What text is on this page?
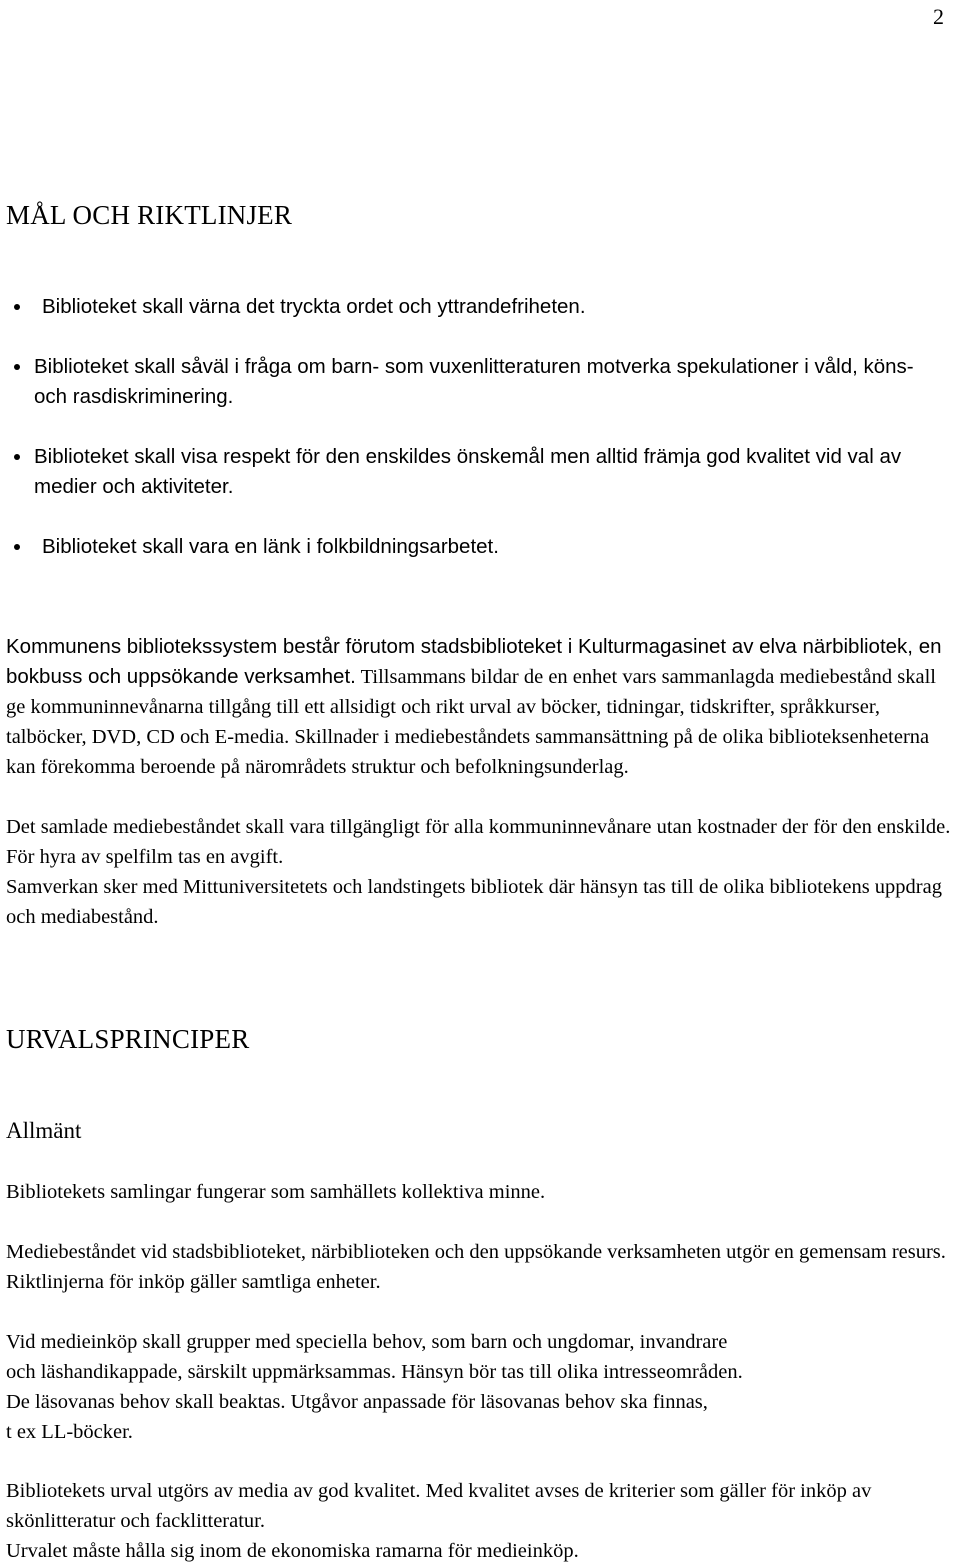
2
MÅL OCH RIKTLINJER
Biblioteket skall värna det tryckta ordet och yttrandefriheten.
Biblioteket skall såväl i fråga om barn- som vuxenlitteraturen motverka spekulationer i våld, köns- och rasdiskriminering.
Biblioteket skall visa respekt för den enskildes önskemål men alltid främja god kvalitet vid val av medier och aktiviteter.
Biblioteket skall vara en länk i folkbildningsarbetet.

Kommunens bibliotekssystem består förutom stadsbiblioteket i Kulturmagasinet av elva närbibliotek, en bokbuss och uppsökande verksamhet. Tillsammans bildar de en enhet vars sammanlagda mediebestånd skall ge kommuninnevånarna tillgång till ett allsidigt och rikt urval av böcker, tidningar, tidskrifter, språkkurser, talböcker, DVD, CD och E-media. Skillnader i mediebeståndets sammansättning på de olika biblioteksenheterna kan förekomma beroende på närområdets struktur och befolkningsunderlag.

Det samlade mediebeståndet skall vara tillgängligt för alla kommuninnevånare utan kostnader der för den enskilde. För hyra av spelfilm tas en avgift.

Samverkan sker med Mittuniversitetets och landstingets bibliotek där hänsyn tas till de olika bibliotekens uppdrag och mediabestånd.

URVALSPRINCIPER
Allmänt

Bibliotekets samlingar fungerar som samhällets kollektiva minne.

Mediebeståndet vid stadsbiblioteket, närbiblioteken och den uppsökande verksamheten utgör en gemensam resurs. Riktlinjerna för inköp gäller samtliga enheter.

Vid medieinköp skall grupper med speciella behov, som barn och ungdomar, invandrare
och läshandikappade, särskilt uppmärksammas. Hänsyn bör tas till olika intresseområden.
De läsovanas behov skall beaktas. Utgåvor anpassade för läsovanas behov ska finnas,
t ex LL-böcker.

Bibliotekets urval utgörs av media av god kvalitet. Med kvalitet avses de kriterier som gäller för inköp av skönlitteratur och facklitteratur.

Urvalet måste hålla sig inom de ekonomiska ramarna för medieinköp.
